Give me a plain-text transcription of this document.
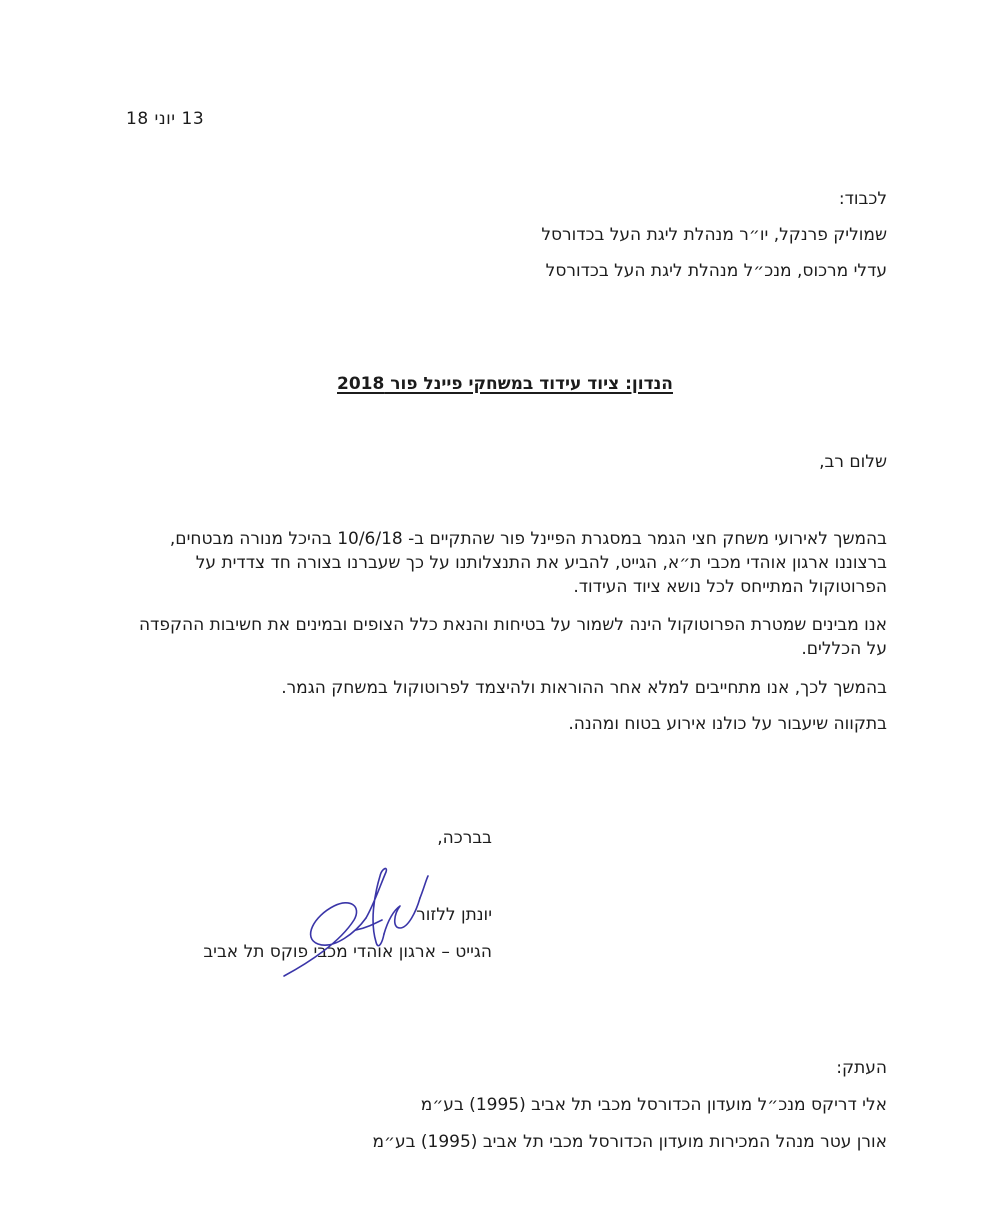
13 יוני 18

לכבוד:

שמוליק פרנקל, יו״ר מנהלת ליגת העל בכדורסל

עדלי מרכוס, מנכ״ל מנהלת ליגת העל בכדורסל

הנדון: ציוד עידוד במשחקי פיינל פור 2018

שלום רב,

בהמשך לאירועי משחק חצי הגמר במסגרת הפיינל פור שהתקיים ב- 10/6/18 בהיכל מנורה מבטחים, ברצוננו ארגון אוהדי מכבי ת״א, הגייט, להביע את התנצלותנו על כך שעברנו בצורה חד צדדית על הפרוטוקול המתייחס לכל נושא ציוד העידוד.

אנו מבינים שמטרת הפרוטוקול הינה לשמור על בטיחות והנאת כלל הצופים ובמינים את חשיבות ההקפדה על הכללים.

בהמשך לכך, אנו מתחייבים למלא אחר ההוראות ולהיצמד לפרוטוקול במשחק הגמר.

בתקווה שיעבור על כולנו אירוע בטוח ומהנה.

בברכה,

יונתן ללזור

הגייט – ארגון אוהדי מכבי פוקס תל אביב

העתק:

אלי דריקס מנכ״ל מועדון הכדורסל מכבי תל אביב (1995) בע״מ

אורן עטר מנהל המכירות מועדון הכדורסל מכבי תל אביב (1995) בע״מ
